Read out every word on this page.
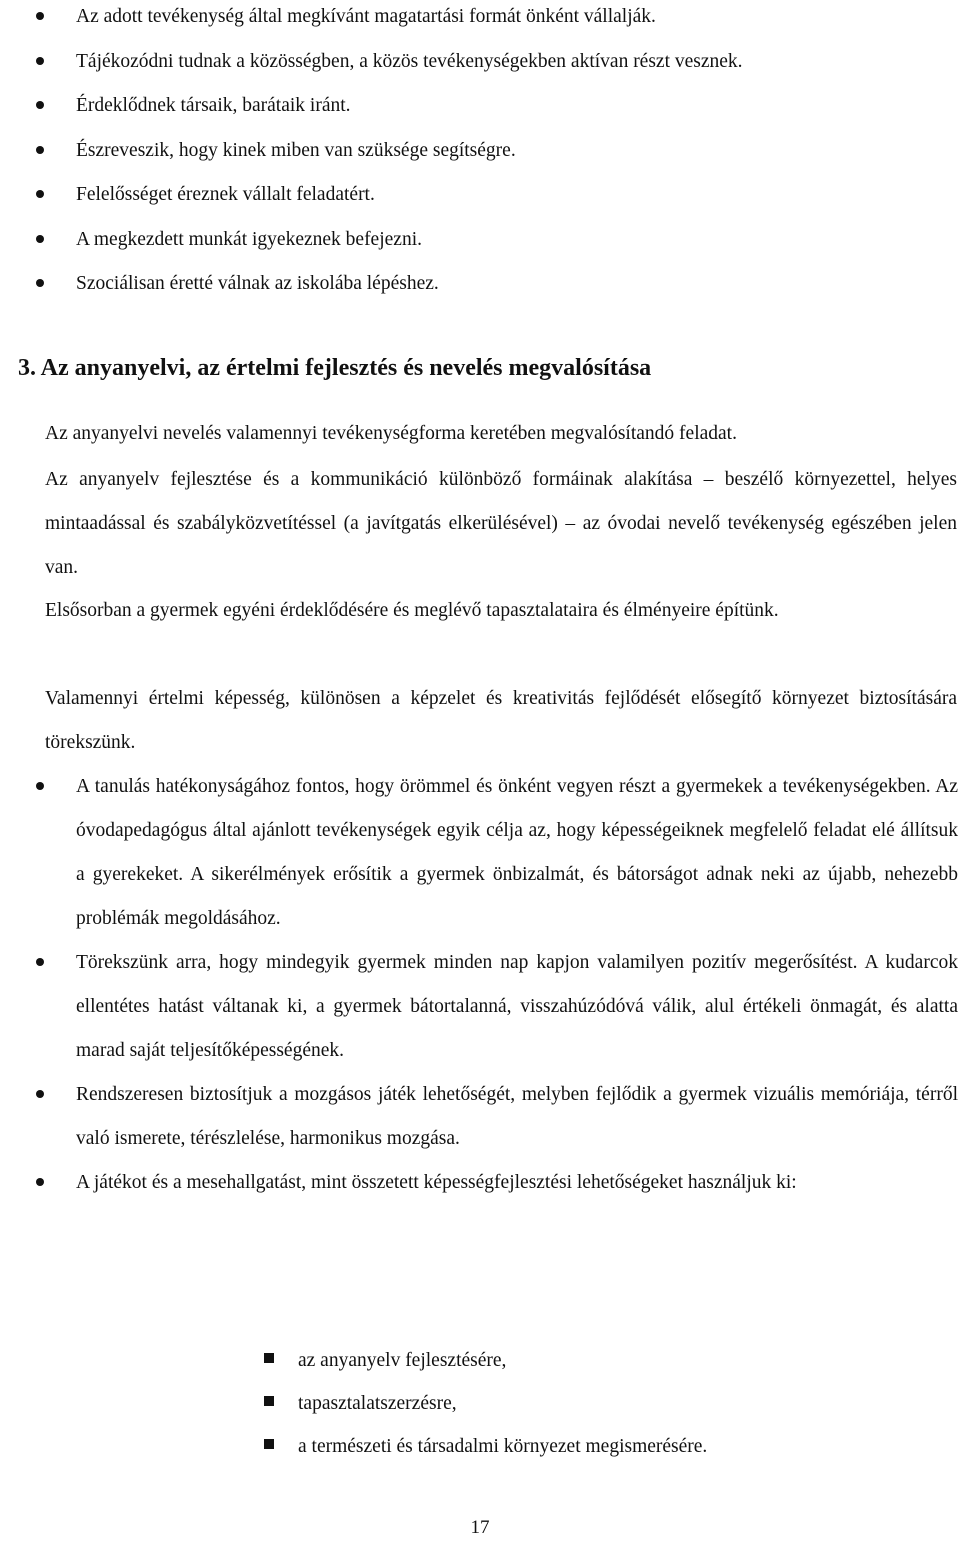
Az adott tevékenység által megkívánt magatartási formát önként vállalják.
Tájékozódni tudnak a közösségben, a közös tevékenységekben aktívan részt vesznek.
Érdeklődnek társaik, barátaik iránt.
Észreveszik, hogy kinek miben van szüksége segítségre.
Felelősséget éreznek vállalt feladatért.
A megkezdett munkát igyekeznek befejezni.
Szociálisan éretté válnak az iskolába lépéshez.
3. Az anyanyelvi, az értelmi fejlesztés és nevelés megvalósítása

Az anyanyelvi nevelés valamennyi tevékenységforma keretében megvalósítandó feladat.

Az anyanyelv fejlesztése és a kommunikáció különböző formáinak alakítása – beszélő környezettel, helyes mintaadással és szabályközvetítéssel (a javítgatás elkerülésével) – az óvodai nevelő tevékenység egészében jelen van.

Elsősorban a gyermek egyéni érdeklődésére és meglévő tapasztalataira és élményeire építünk.

Valamennyi értelmi képesség, különösen a képzelet és kreativitás fejlődését elősegítő környezet biztosítására törekszünk.

A tanulás hatékonyságához fontos, hogy örömmel és önként vegyen részt a gyermekek a tevékenységekben. Az óvodapedagógus által ajánlott tevékenységek egyik célja az, hogy képességeiknek megfelelő feladat elé állítsuk a gyerekeket. A sikerélmények erősítik a gyermek önbizalmát, és bátorságot adnak neki az újabb, nehezebb problémák megoldásához.
Törekszünk arra, hogy mindegyik gyermek minden nap kapjon valamilyen pozitív megerősítést. A kudarcok ellentétes hatást váltanak ki, a gyermek bátortalanná, visszahúzódóvá válik, alul értékeli önmagát, és alatta marad saját teljesítőképességének.
Rendszeresen biztosítjuk a mozgásos játék lehetőségét, melyben fejlődik a gyermek vizuális memóriája, térről való ismerete, térészlelése, harmonikus mozgása.
A játékot és a mesehallgatást, mint összetett képességfejlesztési lehetőségeket használjuk ki:
az anyanyelv fejlesztésére,
tapasztalatszerzésre,
a természeti és társadalmi környezet megismerésére.
17
